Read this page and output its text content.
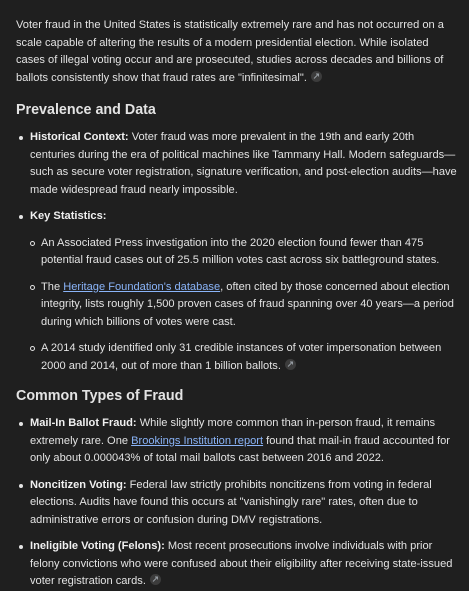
Voter fraud in the United States is statistically extremely rare and has not occurred on a scale capable of altering the results of a modern presidential election. While isolated cases of illegal voting occur and are prosecuted, studies across decades and billions of ballots consistently show that fraud rates are "infinitesimal".

Prevalence and Data
Historical Context: Voter fraud was more prevalent in the 19th and early 20th centuries during the era of political machines like Tammany Hall. Modern safeguards—such as secure voter registration, signature verification, and post-election audits—have made widespread fraud nearly impossible.
Key Statistics:
An Associated Press investigation into the 2020 election found fewer than 475 potential fraud cases out of 25.5 million votes cast across six battleground states.
The Heritage Foundation's database, often cited by those concerned about election integrity, lists roughly 1,500 proven cases of fraud spanning over 40 years—a period during which billions of votes were cast.
A 2014 study identified only 31 credible instances of voter impersonation between 2000 and 2014, out of more than 1 billion ballots.
Common Types of Fraud
Mail-In Ballot Fraud: While slightly more common than in-person fraud, it remains extremely rare. One Brookings Institution report found that mail-in fraud accounted for only about 0.000043% of total mail ballots cast between 2016 and 2022.
Noncitizen Voting: Federal law strictly prohibits noncitizens from voting in federal elections. Audits have found this occurs at "vanishingly rare" rates, often due to administrative errors or confusion during DMV registrations.
Ineligible Voting (Felons): Most recent prosecutions involve individuals with prior felony convictions who were confused about their eligibility after receiving state-issued voter registration cards.
